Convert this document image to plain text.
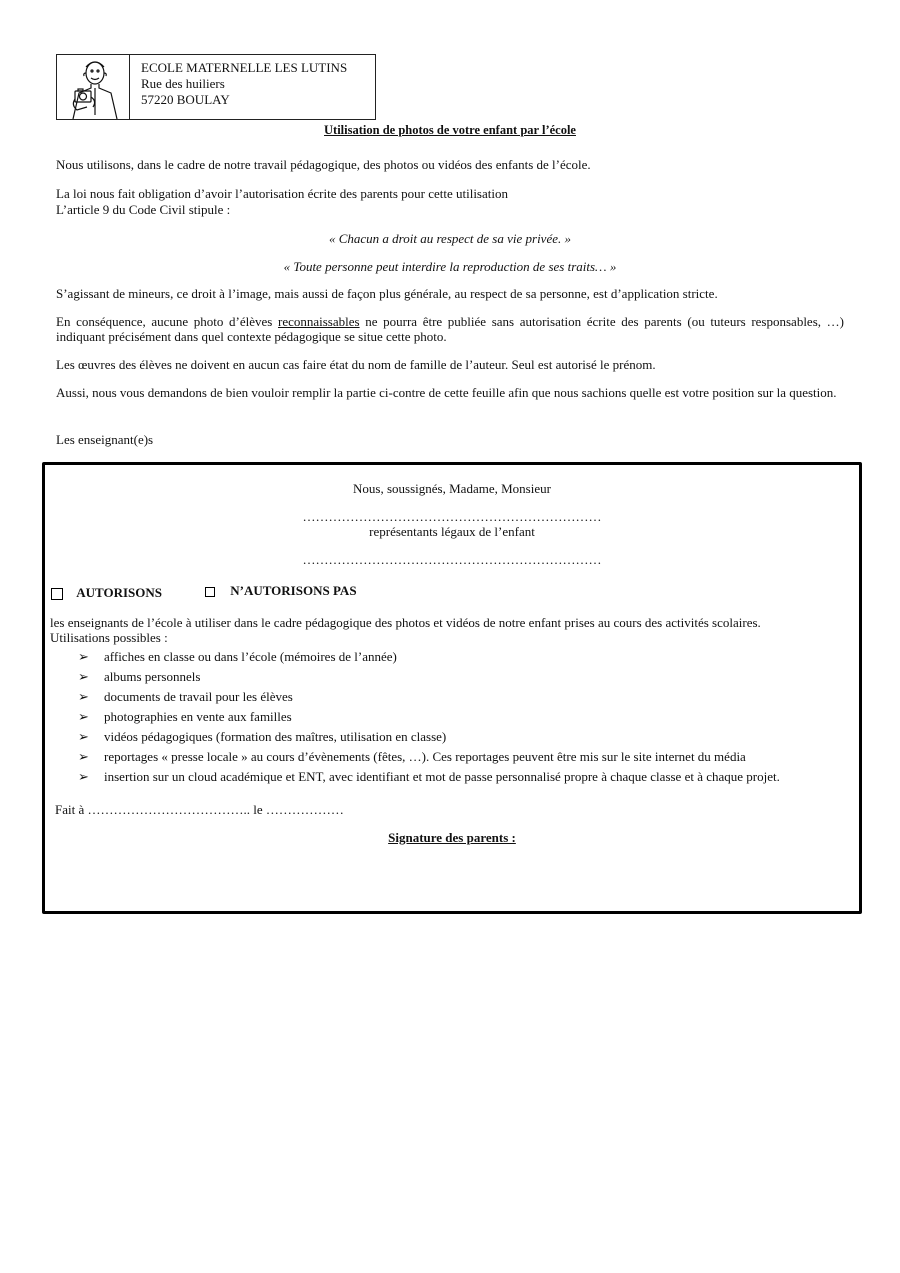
ECOLE MATERNELLE LES LUTINS
Rue des huiliers
57220 BOULAY
Utilisation de photos de votre enfant par l’école
Nous utilisons, dans le cadre de notre travail pédagogique, des photos ou vidéos des enfants de l’école.
La loi nous fait obligation d’avoir l’autorisation écrite des parents pour cette utilisation
L’article 9 du Code Civil stipule :
« Chacun a droit au respect de sa vie privée. »
« Toute personne peut interdire la reproduction de ses traits… »
S’agissant de mineurs, ce droit à l’image, mais aussi de façon plus générale, au respect de sa personne, est d’application stricte.
En conséquence, aucune photo d’élèves reconnaissables ne pourra être publiée sans autorisation écrite des parents (ou tuteurs responsables, …) indiquant précisément dans quel contexte pédagogique se situe cette photo.
Les œuvres des élèves ne doivent en aucun cas faire état du nom de famille de l’auteur. Seul est autorisé le prénom.
Aussi, nous vous demandons de bien vouloir remplir la partie ci-contre de cette feuille afin que nous sachions quelle est votre position sur la question.
Les enseignant(e)s
Nous, soussignés, Madame, Monsieur
……………………………………………………………
représentants légaux de l’enfant
……………………………………………………………
AUTORISONS	N’AUTORISONS PAS
les enseignants de l’école à utiliser dans le cadre pédagogique des photos et vidéos de notre enfant prises au cours des activités scolaires.
Utilisations possibles :
➢ affiches en classe ou dans l’école (mémoires de l’année)
➢ albums personnels
➢ documents de travail pour les élèves
➢ photographies en vente aux familles
➢ vidéos pédagogiques (formation des maîtres, utilisation en classe)
➢ reportages « presse locale » au cours d’évènements (fêtes, …). Ces reportages peuvent être mis sur le site internet du média
➢ insertion sur un cloud académique et ENT, avec identifiant et mot de passe personnalisé propre à chaque classe et à chaque projet.
Fait à ……………………………….. le ………………
Signature des parents :
